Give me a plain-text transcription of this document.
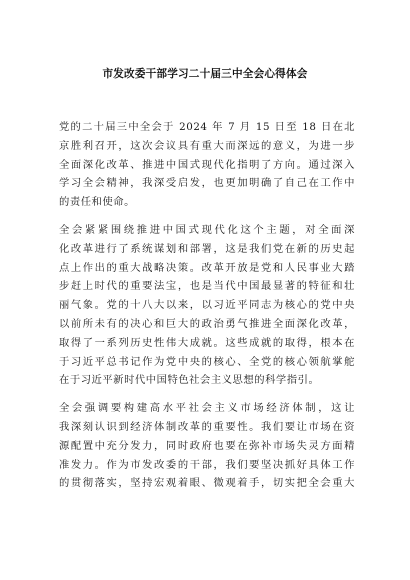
市发改委干部学习二十届三中全会心得体会
党的二十届三中全会于 2024 年 7 月 15 日至 18 日在北
京胜利召开，这次会议具有重大而深远的意义，为进一步
全面深化改革、推进中国式现代化指明了方向。通过深入
学习全会精神，我深受启发，也更加明确了自己在工作中
的责任和使命。
全会紧紧围绕推进中国式现代化这个主题，对全面深
化改革进行了系统谋划和部署，这是我们党在新的历史起
点上作出的重大战略决策。改革开放是党和人民事业大踏
步赶上时代的重要法宝，也是当代中国最显著的特征和壮
丽气象。党的十八大以来，以习近平同志为核心的党中央
以前所未有的决心和巨大的政治勇气推进全面深化改革，
取得了一系列历史性伟大成就。这些成就的取得，根本在
于习近平总书记作为党中央的核心、全党的核心领航掌舵
在于习近平新时代中国特色社会主义思想的科学指引。
全会强调要构建高水平社会主义市场经济体制，这让
我深刻认识到经济体制改革的重要性。我们要让市场在资
源配置中充分发力，同时政府也要在弥补市场失灵方面精
准发力。作为市发改委的干部，我们要坚决抓好具体工作
的贯彻落实，坚持宏观着眼、微观着手，切实把全会重大
